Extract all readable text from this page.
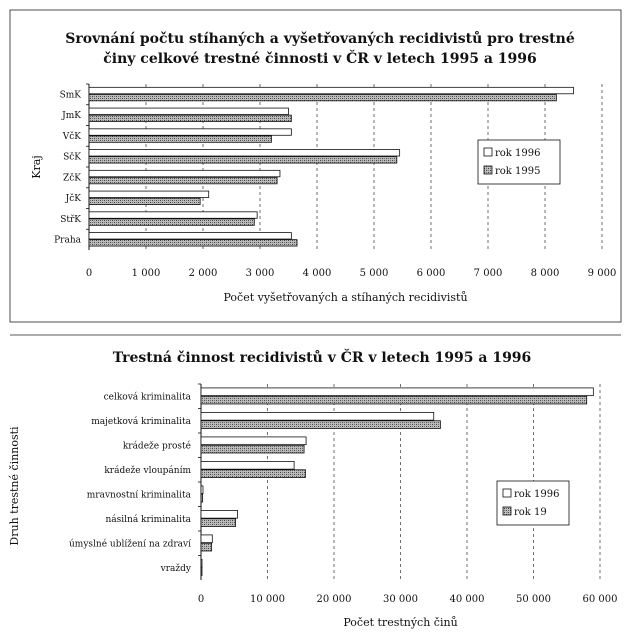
Srovnání počtu stíhaných a vyšetřovaných recidivistů pro trestné
činy celkové trestné činnosti v ČR v letech 1995 a 1996
SmK
JmK
VčK
SčK
ZčK
JčK
StřK
Praha
0	1 000	2 000	3 000	4 000	5 000	6 000	7 000	8 000	9 000
Počet vyšetřovaných a stíhaných recidivistů
Kraj
rok 1996
rok 1995
Trestná činnost recidivistů v ČR v letech 1995 a 1996
celková kriminalita
majetková kriminalita
krádeže prosté
krádeže vloupáním
mravnostní kriminalita
násilná kriminalita
úmyslné ublížení na zdraví
vraždy
0	10 000	20 000	30 000	40 000	50 000	60 000
Počet trestných činů
Druh trestné činnosti	rok 1996
rok 19
